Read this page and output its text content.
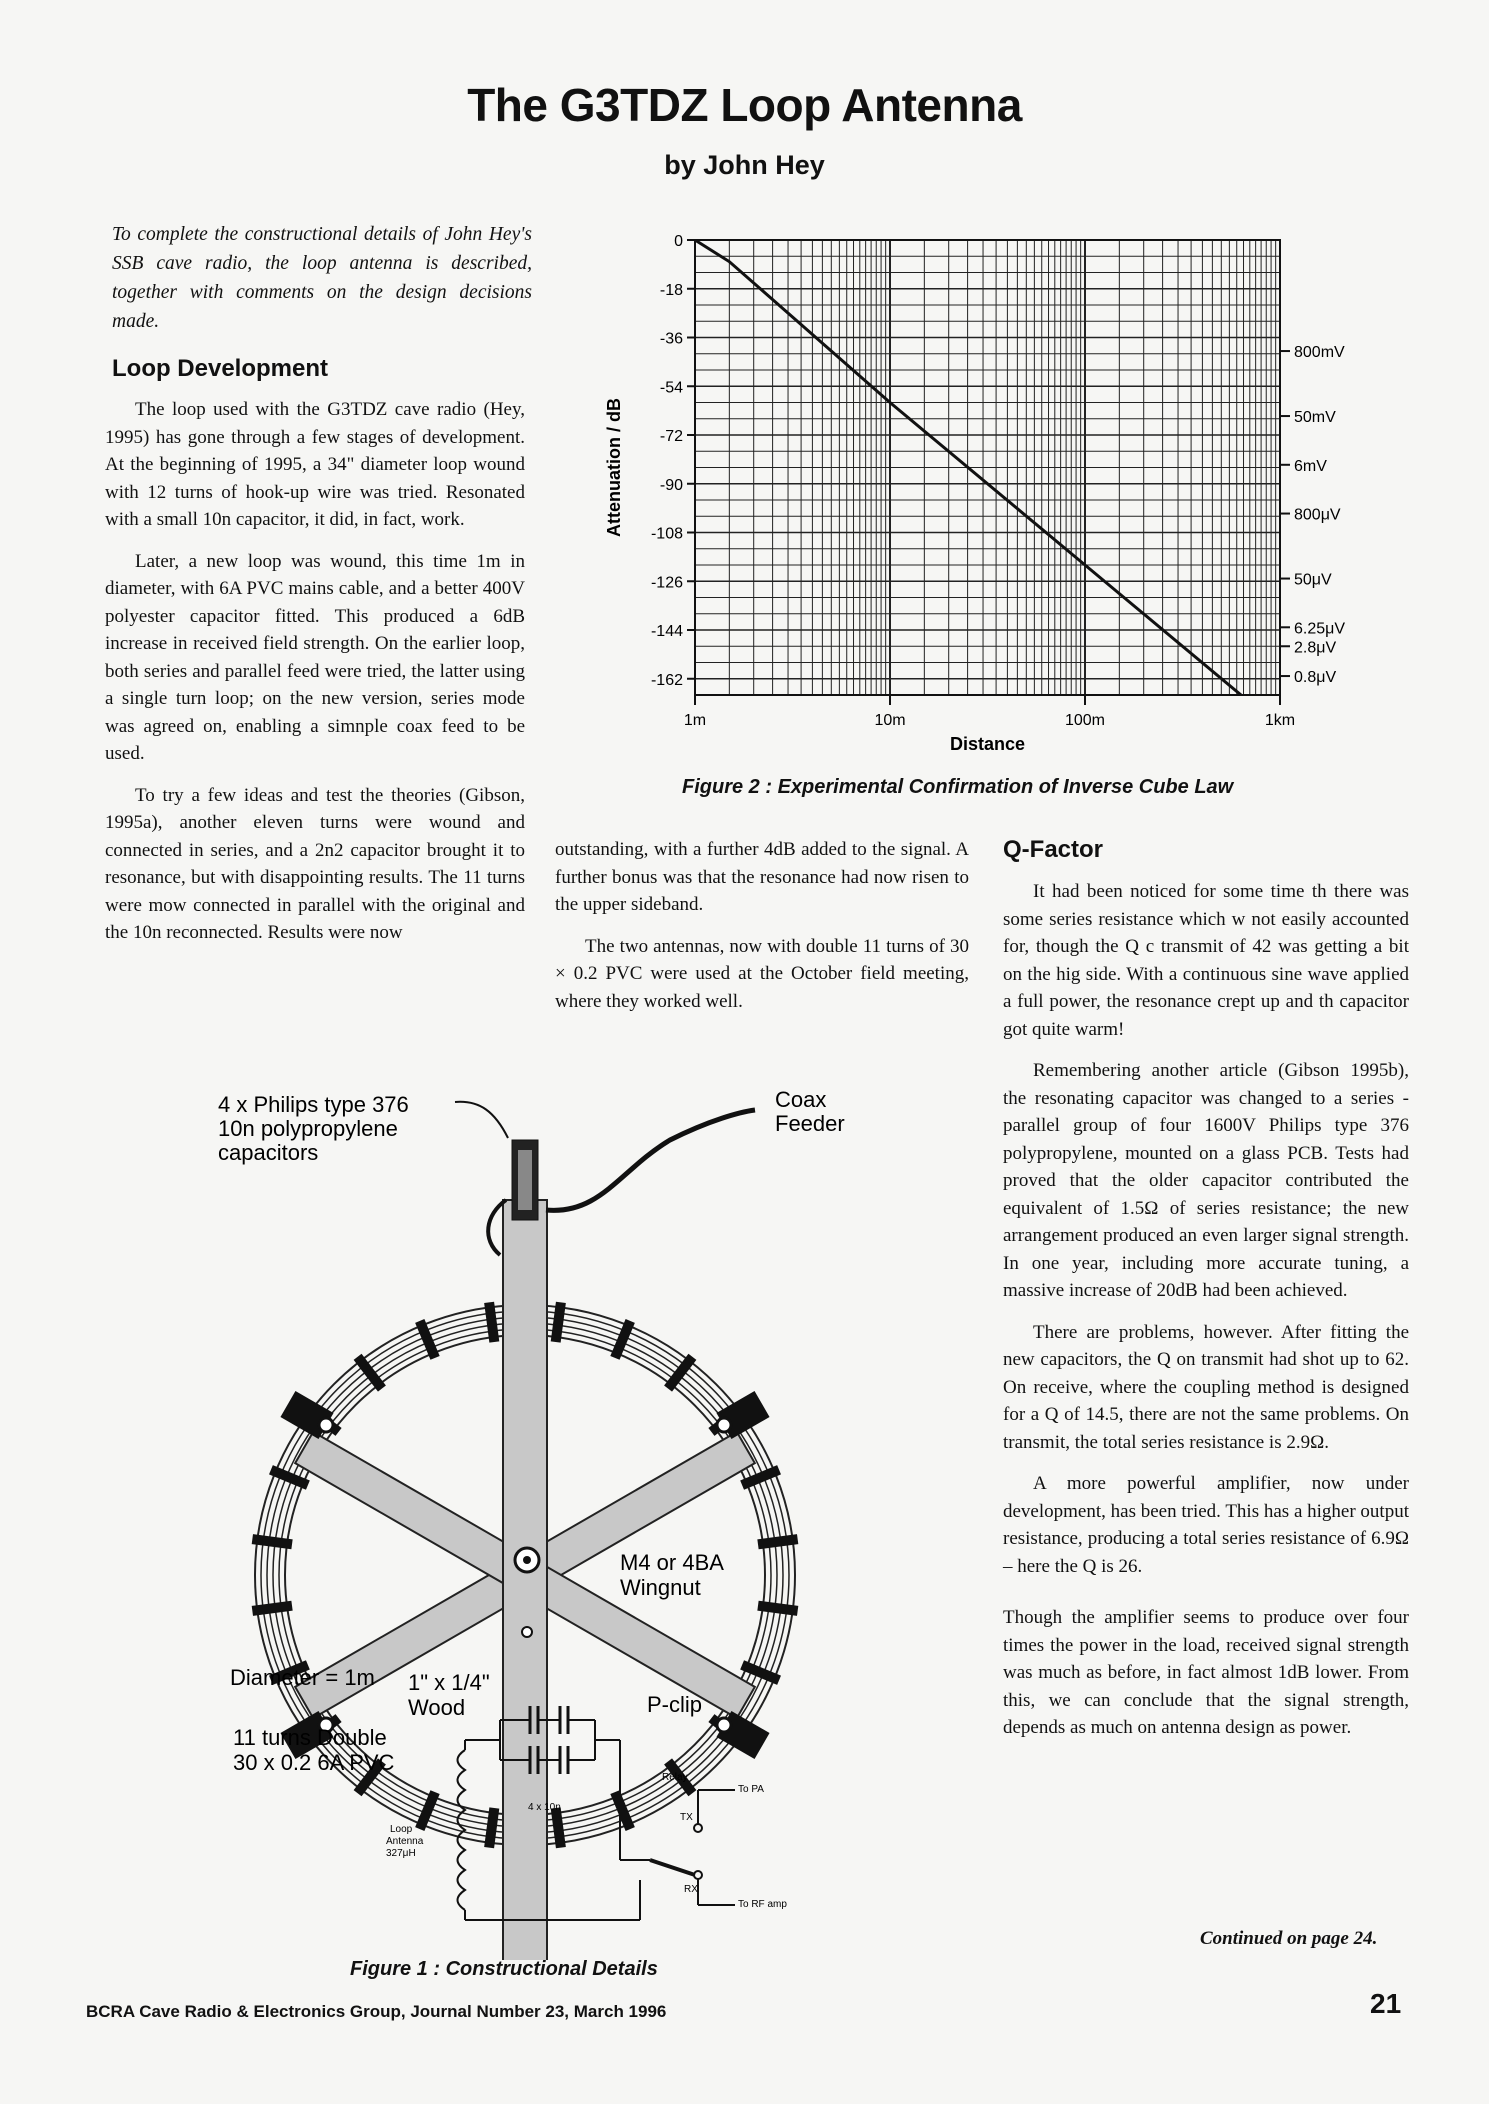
The G3TDZ Loop Antenna
by John Hey
To complete the constructional details of John Hey's SSB cave radio, the loop antenna is described, together with comments on the design decisions made.
Loop Development

The loop used with the G3TDZ cave radio (Hey, 1995) has gone through a few stages of development. At the beginning of 1995, a 34" diameter loop wound with 12 turns of hook-up wire was tried. Resonated with a small 10n capacitor, it did, in fact, work.

Later, a new loop was wound, this time 1m in diameter, with 6A PVC mains cable, and a better 400V polyester capacitor fitted. This produced a 6dB increase in received field strength. On the earlier loop, both series and parallel feed were tried, the latter using a single turn loop; on the new version, series mode was agreed on, enabling a simnple coax feed to be used.

To try a few ideas and test the theories (Gibson, 1995a), another eleven turns were wound and connected in series, and a 2n2 capacitor brought it to resonance, but with disappointing results. The 11 turns were mow connected in parallel with the original and the 10n reconnected. Results were now

outstanding, with a further 4dB added to the signal. A further bonus was that the resonance had now risen to the upper sideband.

The two antennas, now with double 11 turns of 30 × 0.2 PVC were used at the October field meeting, where they worked well.

Q-Factor

It had been noticed for some time th there was some series resistance which w not easily accounted for, though the Q c transmit of 42 was getting a bit on the hig side. With a continuous sine wave applied a full power, the resonance crept up and th capacitor got quite warm!

Remembering another article (Gibson 1995b), the resonating capacitor was changed to a series - parallel group of four 1600V Philips type 376 polypropylene, mounted on a glass PCB. Tests had proved that the older capacitor contributed the equivalent of 1.5Ω of series resistance; the new arrangement produced an even larger signal strength. In one year, including more accurate tuning, a massive increase of 20dB had been achieved.

There are problems, however. After fitting the new capacitors, the Q on transmit had shot up to 62. On receive, where the coupling method is designed for a Q of 14.5, there are not the same problems. On transmit, the total series resistance is 2.9Ω.

A more powerful amplifier, now under development, has been tried. This has a higher output resistance, producing a total series resistance of 6.9Ω – here the Q is 26.

Though the amplifier seems to produce over four times the power in the load, received signal strength was much as before, in fact almost 1dB lower. From this, we can conclude that the signal strength, depends as much on antenna design as power.

Continued on page 24.
0
-18
-36
-54
-72
-90
-108
-126
-144
-162
1m	10m	100m	1km
800mV
50mV
6mV
800μV
50μV
6.25μV
2.8μV
0.8μV
Distance
Attenuation / dB
Figure 2 : Experimental Confirmation of Inverse Cube Law
4 x Philips type 376
10n polypropylene
capacitors
Coax
Feeder
M4 or 4BA
Wingnut
1" x 1/4"
Wood	P-clip
Diameter = 1m
11 turns Double
30 x 0.2 6A PVC
Loop
Antenna
327μH
4 x 10n
Relay
TX
RX
To PA
To RF amp
Figure 1 : Constructional Details
BCRA Cave Radio & Electronics Group, Journal Number 23, March 1996	21
